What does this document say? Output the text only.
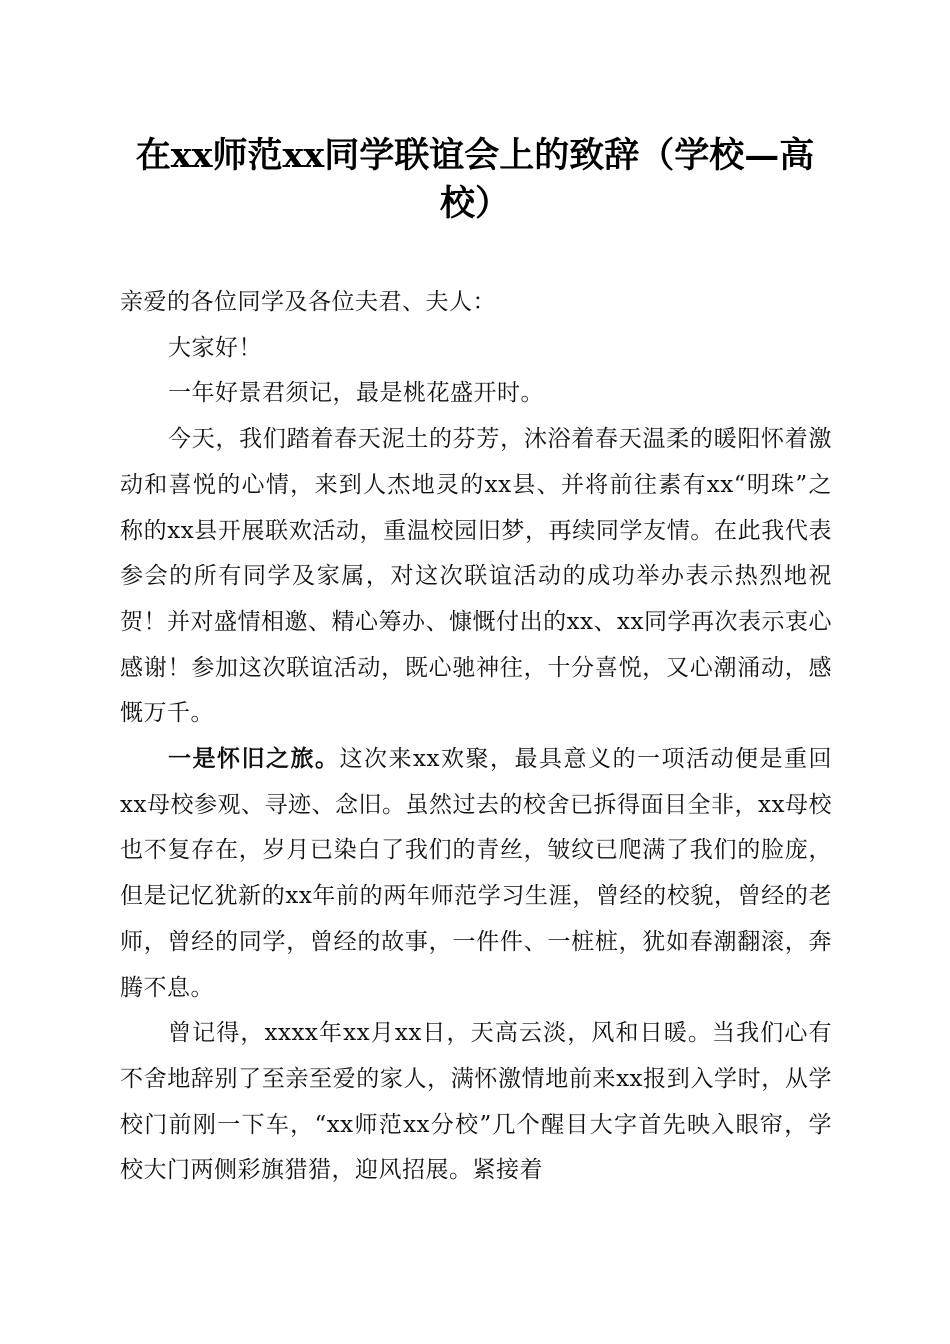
在xx师范xx同学联谊会上的致辞（学校—高校）

亲爱的各位同学及各位夫君、夫人：

大家好！

一年好景君须记，最是桃花盛开时。

今天，我们踏着春天泥土的芬芳，沐浴着春天温柔的暖阳怀着激动和喜悦的心情，来到人杰地灵的xx县、并将前往素有xx“明珠”之称的xx县开展联欢活动，重温校园旧梦，再续同学友情。在此我代表参会的所有同学及家属，对这次联谊活动的成功举办表示热烈地祝贺！并对盛情相邀、精心筹办、慷慨付出的xx、xx同学再次表示衷心感谢！参加这次联谊活动，既心驰神往，十分喜悦，又心潮涌动，感慨万千。

一是怀旧之旅。这次来xx欢聚，最具意义的一项活动便是重回xx母校参观、寻迹、念旧。虽然过去的校舍已拆得面目全非，xx母校也不复存在，岁月已染白了我们的青丝，皱纹已爬满了我们的脸庞，但是记忆犹新的xx年前的两年师范学习生涯，曾经的校貌，曾经的老师，曾经的同学，曾经的故事，一件件、一桩桩，犹如春潮翻滚，奔腾不息。

曾记得，xxxx年xx月xx日，天高云淡，风和日暖。当我们心有不舍地辞别了至亲至爱的家人，满怀激情地前来xx报到入学时，从学校门前刚一下车，“xx师范xx分校”几个醒目大字首先映入眼帘，学校大门两侧彩旗猎猎，迎风招展。紧接着
